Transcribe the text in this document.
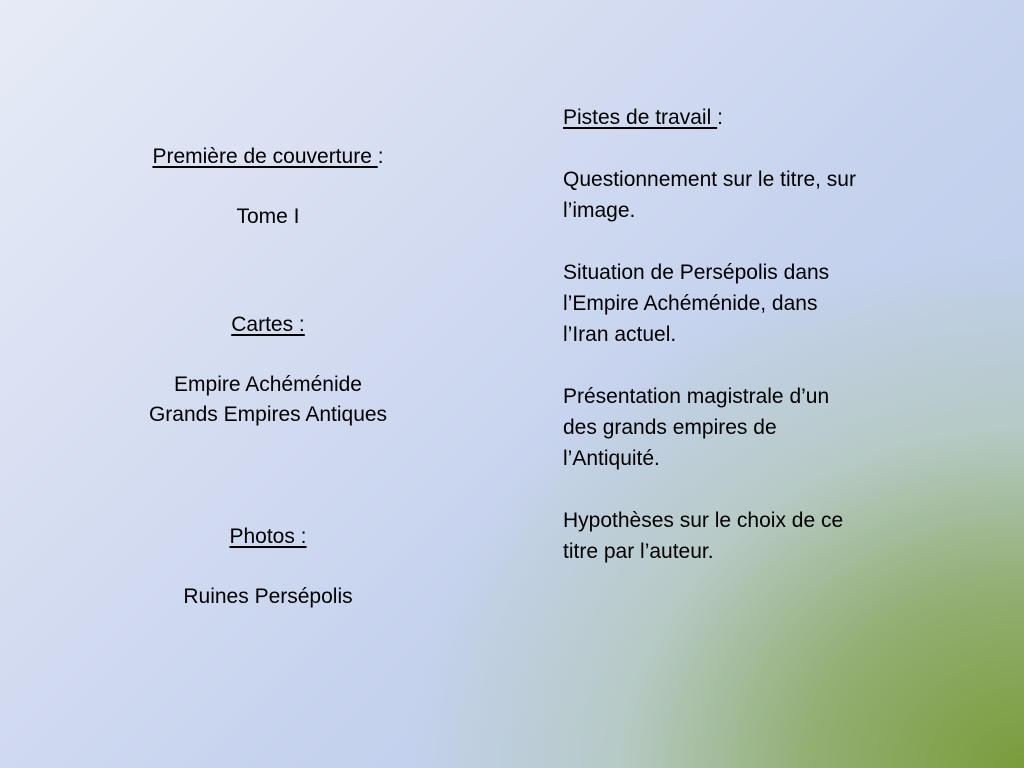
Première de couverture :
Tome I
Cartes :
Empire Achéménide
Grands Empires Antiques
Photos :
Ruines Persépolis
Pistes de travail :
Questionnement sur le titre, sur
l’image.
Situation de Persépolis dans
l’Empire Achéménide, dans
l’Iran actuel.
Présentation magistrale d’un
des grands empires de
l’Antiquité.
Hypothèses sur le choix de ce
titre par l’auteur.
